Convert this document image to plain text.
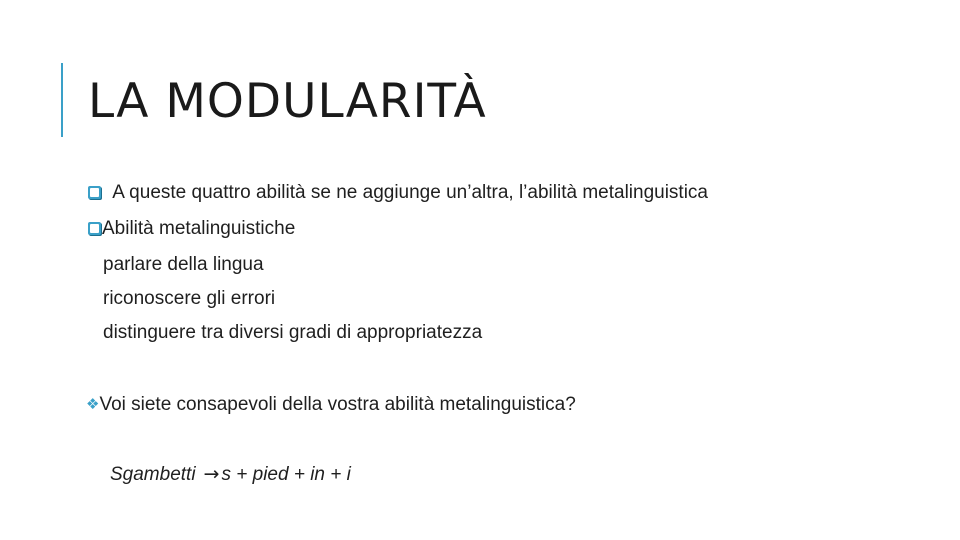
LA MODULARITÀ
A queste quattro abilità se ne aggiunge un’altra, l’abilità metalinguistica
Abilità metalinguistiche
parlare della lingua
riconoscere gli errori
distinguere tra diversi gradi di appropriatezza
❖Voi siete consapevoli della vostra abilità metalinguistica?
Sgambetti → s + pied + in + i
